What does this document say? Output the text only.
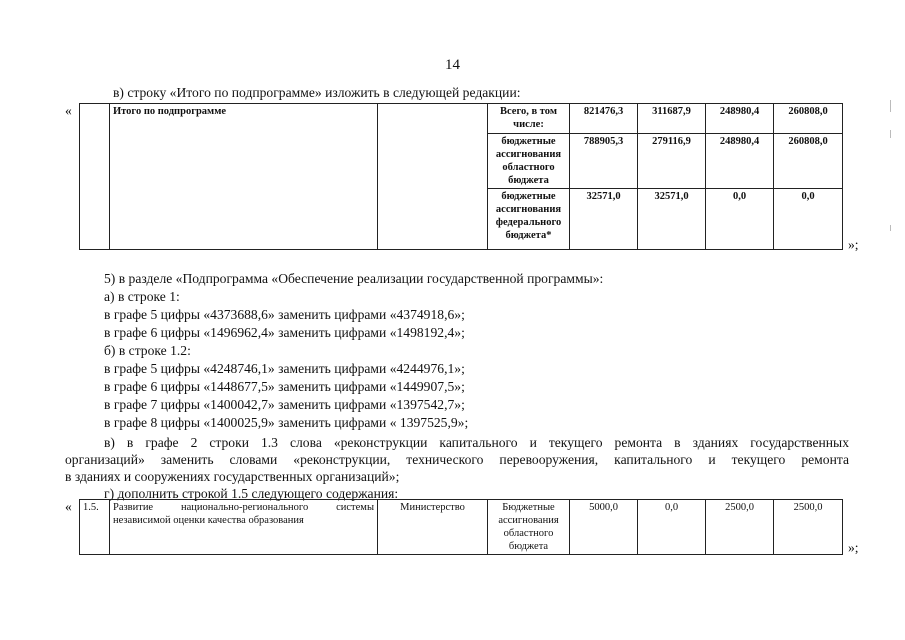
14
в) строку «Итого по подпрограмме» изложить в следующей редакции:
«
		Итого по подпрограмме		Всего, в том числе:	821476,3	311687,9	248980,4	260808,0
			бюджетные ассигнования областного бюджета	788905,3	279116,9	248980,4	260808,0
			бюджетные ассигнования федерального бюджета*	32571,0	32571,0	0,0	0,0
»;
5) в разделе «Подпрограмма «Обеспечение реализации государственной программы»:
а) в строке 1:
в графе 5 цифры «4373688,6» заменить цифрами «4374918,6»;
в графе 6 цифры «1496962,4» заменить цифрами «1498192,4»;
б) в строке 1.2:
в графе 5 цифры «4248746,1» заменить цифрами «4244976,1»;
в графе 6 цифры «1448677,5» заменить цифрами «1449907,5»;
в графе 7 цифры «1400042,7» заменить цифрами «1397542,7»;
в графе 8 цифры «1400025,9» заменить цифрами « 1397525,9»;
в) в графе 2 строки 1.3 слова «реконструкции капитального и текущего ремонта в зданиях государственных
организаций» заменить словами «реконструкции, технического перевооружения, капитального и текущего ремонта
в зданиях и сооружениях государственных организаций»;
г) дополнить строкой 1.5 следующего содержания:
« 1.5.	Развитие национально-регионального системы независимой оценки качества образования	Министерство	Бюджетные ассигнования областного бюджета	5000,0	0,0	2500,0	2500,0
»;
